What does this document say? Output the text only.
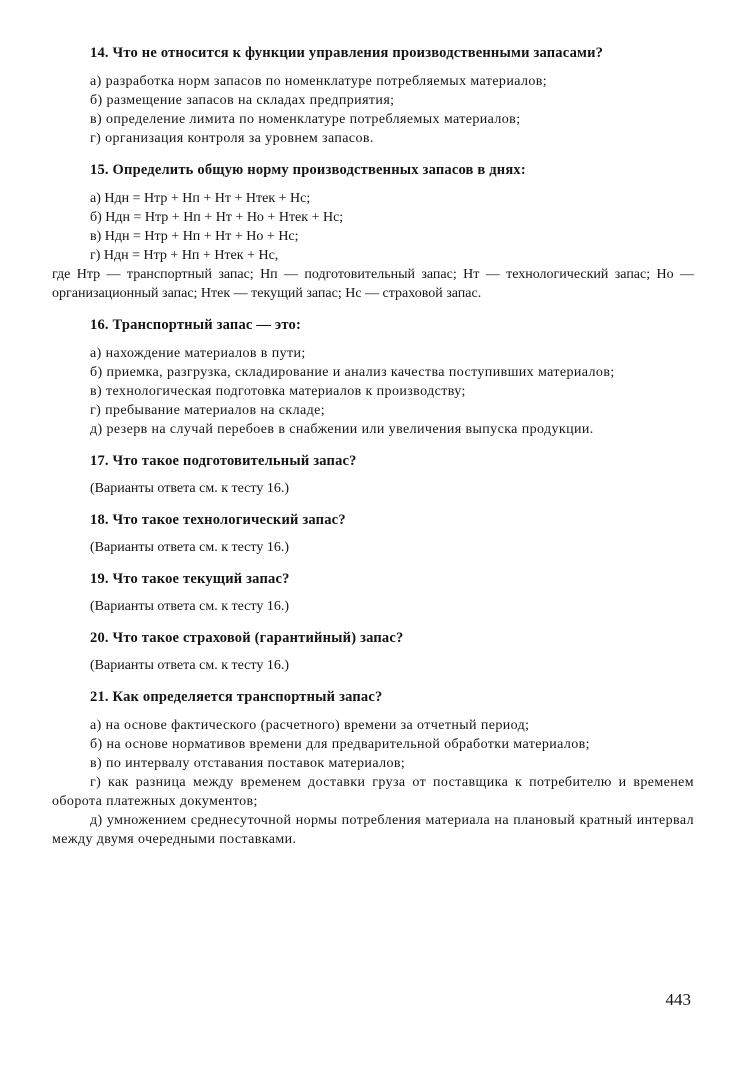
14. Что не относится к функции управления производственными запасами?
а) разработка норм запасов по номенклатуре потребляемых материалов;
б) размещение запасов на складах предприятия;
в) определение лимита по номенклатуре потребляемых материалов;
г) организация контроля за уровнем запасов.
15. Определить общую норму производственных запасов в днях:
а) Ндн = Нтр + Нп + Нт + Нтек + Нс;
б) Ндн = Нтр + Нп + Нт + Но + Нтек + Нс;
в) Ндн = Нтр + Нп + Нт + Но + Нс;
г) Ндн = Нтр + Нп + Нтек + Нс,
где Нтр — транспортный запас; Нп — подготовительный запас; Нт — технологический запас; Но — организационный запас; Нтек — текущий запас; Нс — страховой запас.
16. Транспортный запас — это:
а) нахождение материалов в пути;
б) приемка, разгрузка, складирование и анализ качества поступивших материалов;
в) технологическая подготовка материалов к производству;
г) пребывание материалов на складе;
д) резерв на случай перебоев в снабжении или увеличения выпуска продукции.
17. Что такое подготовительный запас?
(Варианты ответа см. к тесту 16.)
18. Что такое технологический запас?
(Варианты ответа см. к тесту 16.)
19. Что такое текущий запас?
(Варианты ответа см. к тесту 16.)
20. Что такое страховой (гарантийный) запас?
(Варианты ответа см. к тесту 16.)
21. Как определяется транспортный запас?
а) на основе фактического (расчетного) времени за отчетный период;
б) на основе нормативов времени для предварительной обработки материалов;
в) по интервалу отставания поставок материалов;
г) как разница между временем доставки груза от поставщика к потребителю и временем оборота платежных документов;
д) умножением среднесуточной нормы потребления материала на плановый кратный интервал между двумя очередными поставками.
443
